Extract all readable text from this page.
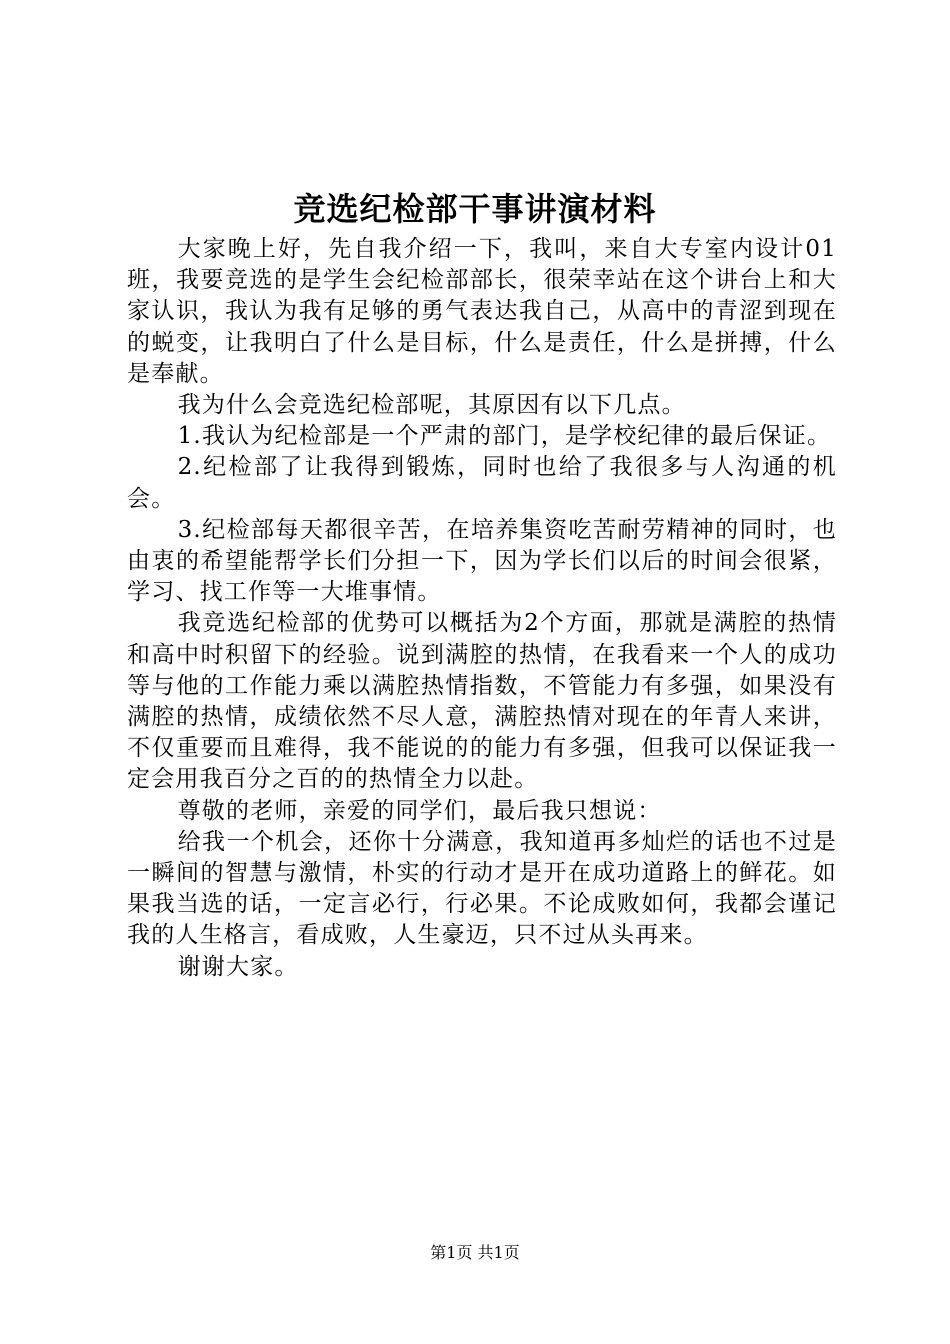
竞选纪检部干事讲演材料

大家晚上好，先自我介绍一下，我叫，来自大专室内设计01班，我要竞选的是学生会纪检部部长，很荣幸站在这个讲台上和大家认识，我认为我有足够的勇气表达我自己，从高中的青涩到现在的蜕变，让我明白了什么是目标，什么是责任，什么是拼搏，什么是奉献。

我为什么会竞选纪检部呢，其原因有以下几点。

1.我认为纪检部是一个严肃的部门，是学校纪律的最后保证。

2.纪检部了让我得到锻炼，同时也给了我很多与人沟通的机会。

3.纪检部每天都很辛苦，在培养集资吃苦耐劳精神的同时，也由衷的希望能帮学长们分担一下，因为学长们以后的时间会很紧，学习、找工作等一大堆事情。

我竞选纪检部的优势可以概括为2个方面，那就是满腔的热情和高中时积留下的经验。说到满腔的热情，在我看来一个人的成功等与他的工作能力乘以满腔热情指数，不管能力有多强，如果没有满腔的热情，成绩依然不尽人意，满腔热情对现在的年青人来讲，不仅重要而且难得，我不能说的的能力有多强，但我可以保证我一定会用我百分之百的的热情全力以赴。

尊敬的老师，亲爱的同学们，最后我只想说：

给我一个机会，还你十分满意，我知道再多灿烂的话也不过是一瞬间的智慧与激情，朴实的行动才是开在成功道路上的鲜花。如果我当选的话，一定言必行，行必果。不论成败如何，我都会谨记我的人生格言，看成败，人生豪迈，只不过从头再来。

谢谢大家。

第1页 共1页
